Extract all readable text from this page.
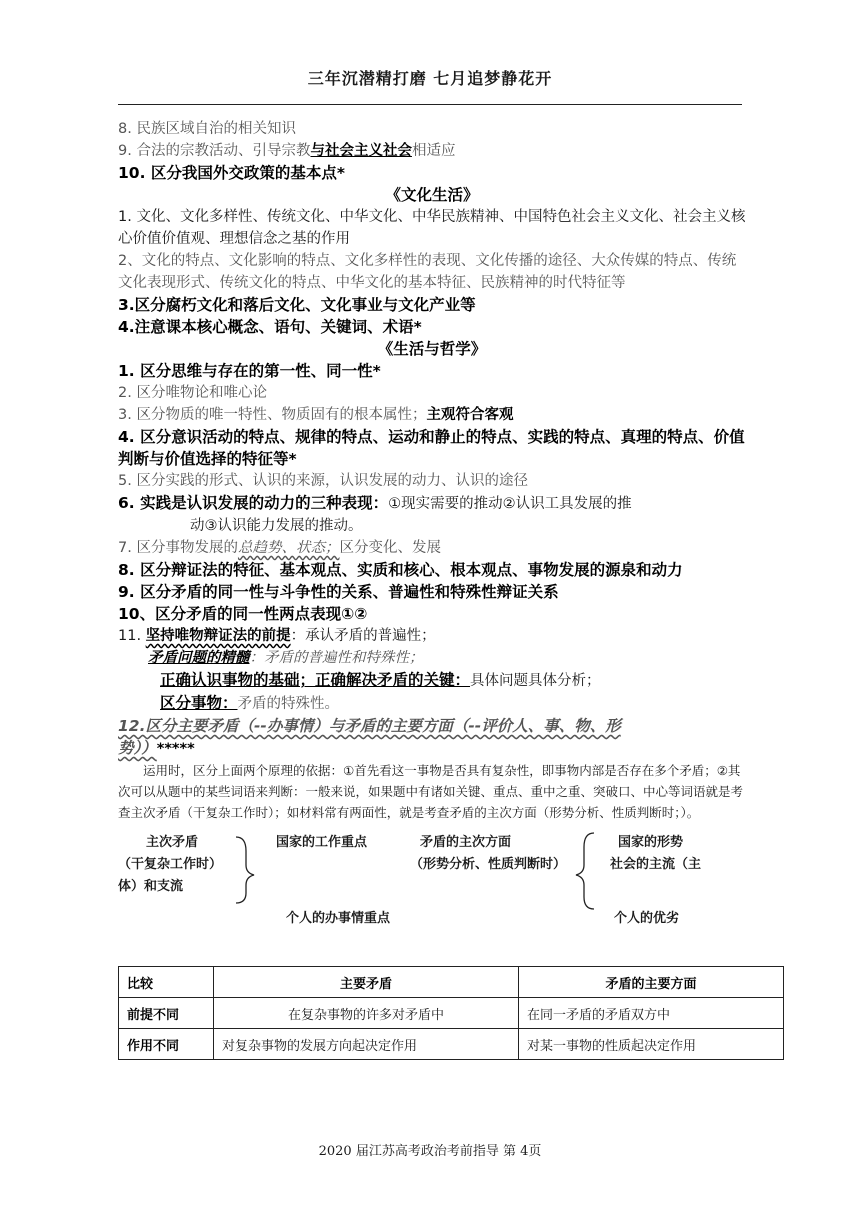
三年沉潜精打磨 七月追梦静花开
8. 民族区域自治的相关知识
9. 合法的宗教活动、引导宗教与社会主义社会相适应
10. 区分我国外交政策的基本点*
《文化生活》
1. 文化、文化多样性、传统文化、中华文化、中华民族精神、中国特色社会主义文化、社会主义核心价值价值观、理想信念之基的作用
2、文化的特点、文化影响的特点、文化多样性的表现、文化传播的途径、大众传媒的特点、传统文化表现形式、传统文化的特点、中华文化的基本特征、民族精神的时代特征等
3.区分腐朽文化和落后文化、文化事业与文化产业等
4.注意课本核心概念、语句、关键词、术语*
《生活与哲学》
1. 区分思维与存在的第一性、同一性*
2. 区分唯物论和唯心论
3. 区分物质的唯一特性、物质固有的根本属性；主观符合客观
4. 区分意识活动的特点、规律的特点、运动和静止的特点、实践的特点、真理的特点、价值判断与价值选择的特征等*
5. 区分实践的形式、认识的来源，认识发展的动力、认识的途径
6. 实践是认识发展的动力的三种表现：①现实需要的推动②认识工具发展的推
动③认识能力发展的推动。
7. 区分事物发展的总趋势、状态；区分变化、发展
8. 区分辩证法的特征、基本观点、实质和核心、根本观点、事物发展的源泉和动力
9. 区分矛盾的同一性与斗争性的关系、普遍性和特殊性辩证关系
10、区分矛盾的同一性两点表现①②
11. 坚持唯物辩证法的前提：承认矛盾的普遍性；
矛盾问题的精髓：矛盾的普遍性和特殊性；
正确认识事物的基础；正确解决矛盾的关键：具体问题具体分析；
区分事物：矛盾的特殊性。
12.区分主要矛盾（--办事情）与矛盾的主要方面（--评价人、事、物、形
势））*****
运用时，区分上面两个原理的依据：①首先看这一事物是否具有复杂性，即事物内部是否存在多个矛盾；②其次可以从题中的某些词语来判断：一般来说，如果题中有诸如关键、重点、重中之重、突破口、中心等词语就是考查主次矛盾（干复杂工作时）；如材料常有两面性，就是考查矛盾的主次方面（形势分析、性质判断时；）。
主次矛盾
（干复杂工作时）
体）和支流
国家的工作重点
个人的办事情重点
矛盾的主次方面
（形势分析、性质判断时）
国家的形势
社会的主流（主
个人的优劣
比较	主要矛盾	矛盾的主要方面
前提不同	在复杂事物的许多对矛盾中	在同一矛盾的矛盾双方中
作用不同	对复杂事物的发展方向起决定作用	对某一事物的性质起决定作用
2020 届江苏高考政治考前指导 第 4页
